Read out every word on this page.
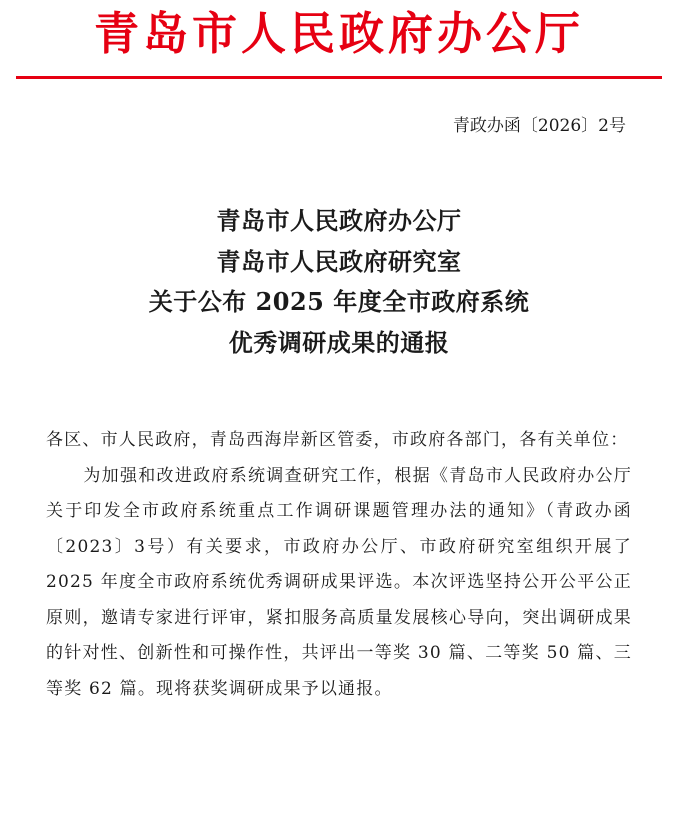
青岛市人民政府办公厅
青政办函〔2026〕2号
青岛市人民政府办公厅
青岛市人民政府研究室
关于公布 2025 年度全市政府系统
优秀调研成果的通报

各区、市人民政府，青岛西海岸新区管委，市政府各部门，各有关单位：

为加强和改进政府系统调查研究工作，根据《青岛市人民政府办公厅关于印发全市政府系统重点工作调研课题管理办法的通知》（青政办函〔2023〕3号）有关要求，市政府办公厅、市政府研究室组织开展了 2025 年度全市政府系统优秀调研成果评选。本次评选坚持公开公平公正原则，邀请专家进行评审，紧扣服务高质量发展核心导向，突出调研成果的针对性、创新性和可操作性，共评出一等奖 30 篇、二等奖 50 篇、三等奖 62 篇。现将获奖调研成果予以通报。
